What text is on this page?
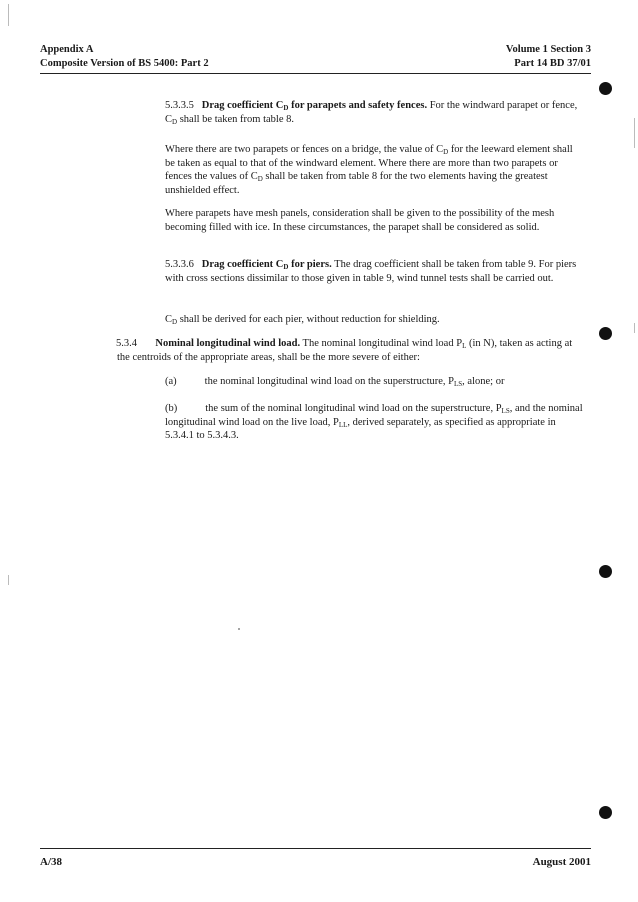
Appendix A
Composite Version of BS 5400: Part 2
Volume 1 Section 3
Part 14 BD 37/01

5.3.3.5 Drag coefficient $C_D$ for parapets and safety fences. For the windward parapet or fence, $C_D$ shall be taken from table 8.

Where there are two parapets or fences on a bridge, the value of $C_D$ for the leeward element shall be taken as equal to that of the windward element. Where there are more than two parapets or fences the values of $C_D$ shall be taken from table 8 for the two elements having the greatest unshielded effect.

Where parapets have mesh panels, consideration shall be given to the possibility of the mesh becoming filled with ice. In these circumstances, the parapet shall be considered as solid.

5.3.3.6 Drag coefficient $C_D$ for piers. The drag coefficient shall be taken from table 9. For piers with cross sections dissimilar to those given in table 9, wind tunnel tests shall be carried out.

$C_D$ shall be derived for each pier, without reduction for shielding.

5.3.4 Nominal longitudinal wind load. The nominal longitudinal wind load $P_L$ (in N), taken as acting at the centroids of the appropriate areas, shall be the more severe of either:

(a)	the nominal longitudinal wind load on the superstructure, $P_{LS}$, alone; or

(b)	the sum of the nominal longitudinal wind load on the superstructure, $P_{LS}$, and the nominal longitudinal wind load on the live load, $P_{LL}$, derived separately, as specified as appropriate in 5.3.4.1 to 5.3.4.3.

A/38	August 2001
